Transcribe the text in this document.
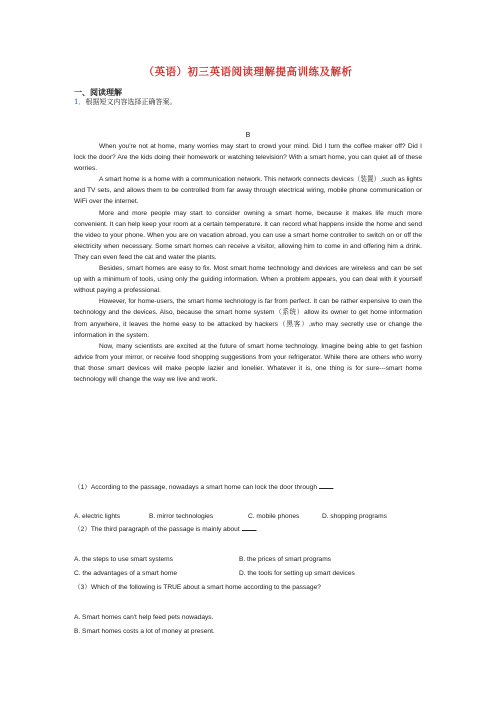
（英语）初三英语阅读理解提高训练及解析
一、阅读理解
1．根据短文内容选择正确答案。
B

When you're not at home, many worries may start to crowd your mind. Did I turn the coffee maker off? Did I lock the door? Are the kids doing their homework or watching television? With a smart home, you can quiet all of these worries.

A smart home is a home with a communication network. This network connects devices（装置）,such as lights and TV sets, and allows them to be controlled from far away through electrical wiring, mobile phone communication or WiFi over the internet.

More and more people may start to consider owning a smart home, because it makes life much more convenient. It can help keep your room at a certain temperature. It can record what happens inside the home and send the video to your phone. When you are on vacation abroad, you can use a smart home controller to switch on or off the electricity when necessary. Some smart homes can receive a visitor, allowing him to come in and offering him a drink. They can even feed the cat and water the plants.

Besides, smart homes are easy to fix. Most smart home technology and devices are wireless and can be set up with a minimum of tools, using only the guiding information. When a problem appears, you can deal with it yourself without paying a professional.

However, for home-users, the smart home technology is far from perfect. It can be rather expensive to own the technology and the devices. Also, because the smart home system（系统）allow its owner to get home information from anywhere, it leaves the home easy to be attacked by hackers（黑客）,who may secretly use or change the information in the system.

Now, many scientists are excited at the future of smart home technology. Imagine being able to get fashion advice from your mirror, or receive food shopping suggestions from your refrigerator. While there are others who worry that those smart devices will make people lazier and lonelier. Whatever it is, one thing is for sure---smart home technology will change the way we live and work.

（1）According to the passage, nowadays a smart home can lock the door through .
A. electric lights	B. mirror technologies	C. mobile phones	D. shopping programs
（2）The third paragraph of the passage is mainly about .
A. the steps to use smart systems	B. the prices of smart programs
C. the advantages of a smart home	D. the tools for setting up smart devices
（3）Which of the following is TRUE about a smart home according to the passage?
A. Smart homes can't help feed pets nowadays.
B. Smart homes costs a lot of money at present.
